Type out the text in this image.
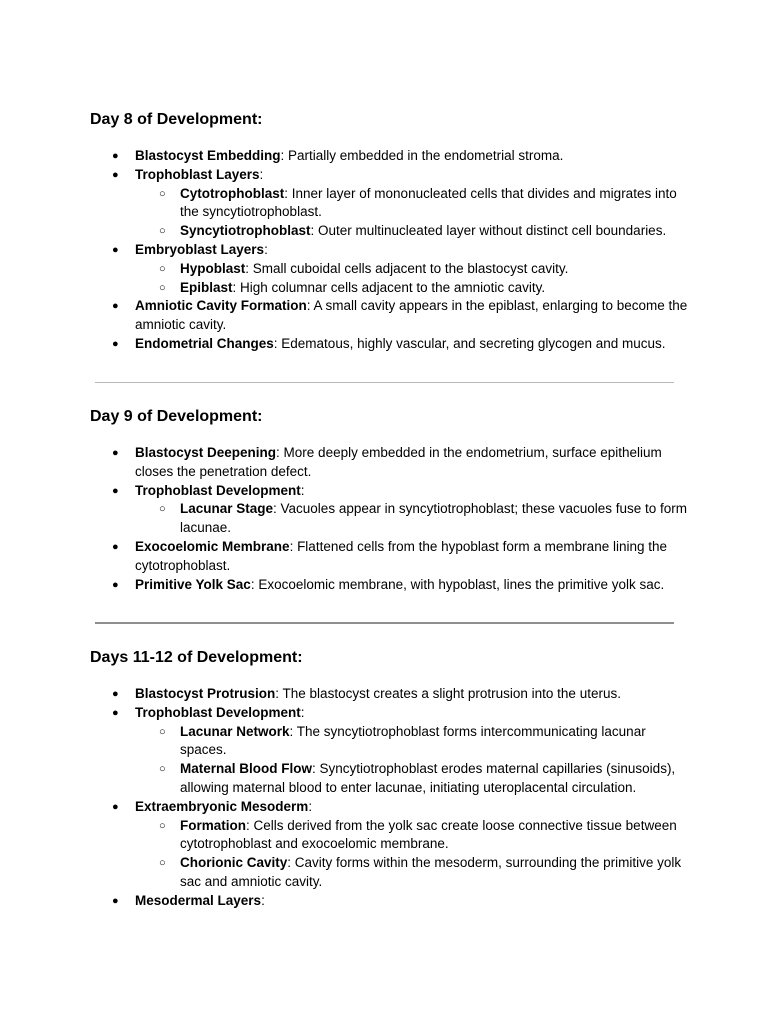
Day 8 of Development:
● Blastocyst Embedding: Partially embedded in the endometrial stroma.
● Trophoblast Layers:
○ Cytotrophoblast: Inner layer of mononucleated cells that divides and migrates into the syncytiotrophoblast.
○ Syncytiotrophoblast: Outer multinucleated layer without distinct cell boundaries.
● Embryoblast Layers:
○ Hypoblast: Small cuboidal cells adjacent to the blastocyst cavity.
○ Epiblast: High columnar cells adjacent to the amniotic cavity.
● Amniotic Cavity Formation: A small cavity appears in the epiblast, enlarging to become the amniotic cavity.
● Endometrial Changes: Edematous, highly vascular, and secreting glycogen and mucus.
Day 9 of Development:
● Blastocyst Deepening: More deeply embedded in the endometrium, surface epithelium closes the penetration defect.
● Trophoblast Development:
○ Lacunar Stage: Vacuoles appear in syncytiotrophoblast; these vacuoles fuse to form lacunae.
● Exocoelomic Membrane: Flattened cells from the hypoblast form a membrane lining the cytotrophoblast.
● Primitive Yolk Sac: Exocoelomic membrane, with hypoblast, lines the primitive yolk sac.
Days 11-12 of Development:
● Blastocyst Protrusion: The blastocyst creates a slight protrusion into the uterus.
● Trophoblast Development:
○ Lacunar Network: The syncytiotrophoblast forms intercommunicating lacunar spaces.
○ Maternal Blood Flow: Syncytiotrophoblast erodes maternal capillaries (sinusoids), allowing maternal blood to enter lacunae, initiating uteroplacental circulation.
● Extraembryonic Mesoderm:
○ Formation: Cells derived from the yolk sac create loose connective tissue between cytotrophoblast and exocoelomic membrane.
○ Chorionic Cavity: Cavity forms within the mesoderm, surrounding the primitive yolk sac and amniotic cavity.
● Mesodermal Layers:
